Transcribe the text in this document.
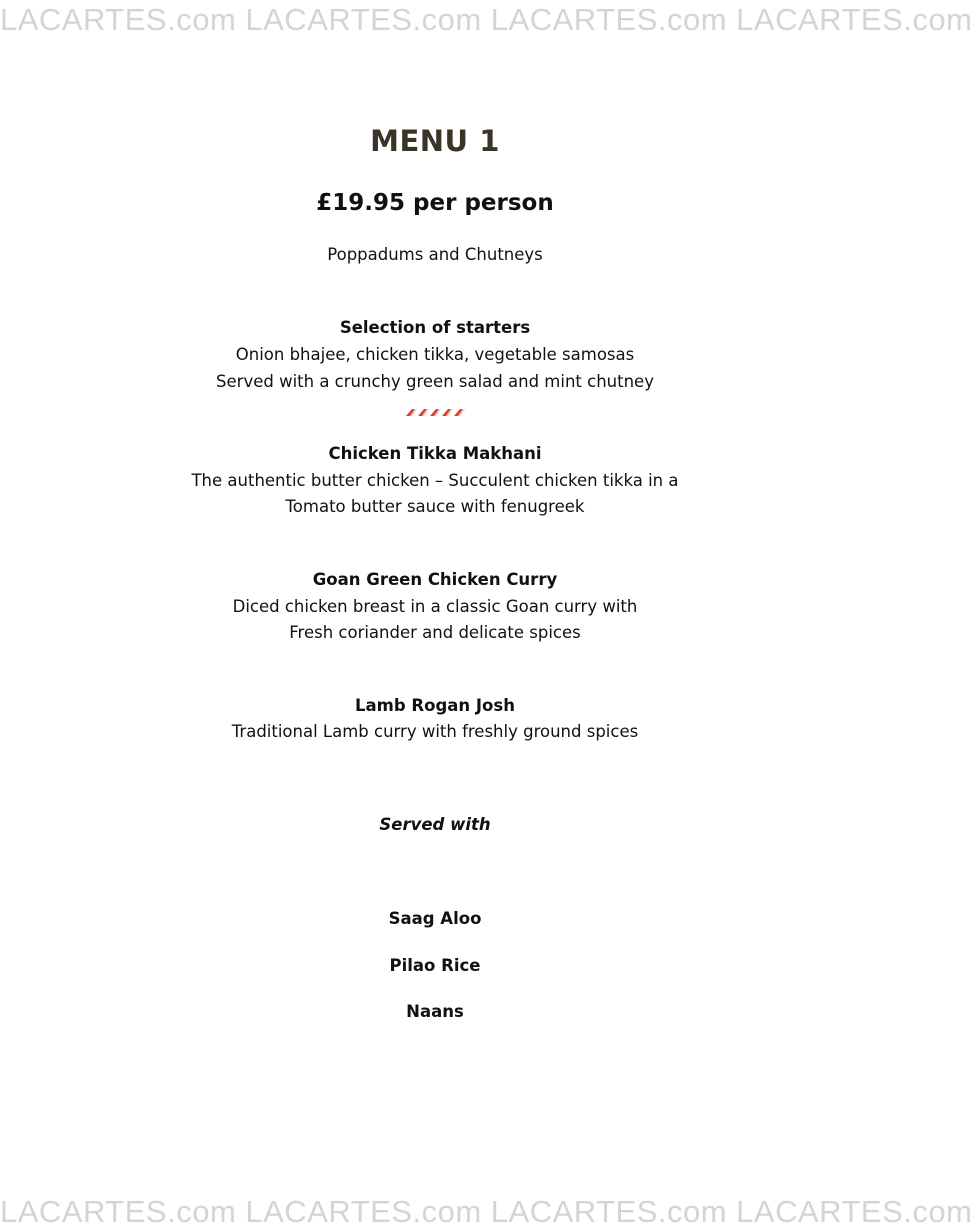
LACARTES.com LACARTES.com LACARTES.com LACARTES.com
MENU 1
£19.95 per person
Poppadums and Chutneys
Selection of starters
Onion bhajee, chicken tikka, vegetable samosas
Served with a crunchy green salad and mint chutney
Chicken Tikka Makhani
The authentic butter chicken – Succulent chicken tikka in a
Tomato butter sauce with fenugreek
Goan Green Chicken Curry
Diced chicken breast in a classic Goan curry with
Fresh coriander and delicate spices
Lamb Rogan Josh
Traditional Lamb curry with freshly ground spices
Served with
Saag Aloo
Pilao Rice
Naans
LACARTES.com LACARTES.com LACARTES.com LACARTES.com
